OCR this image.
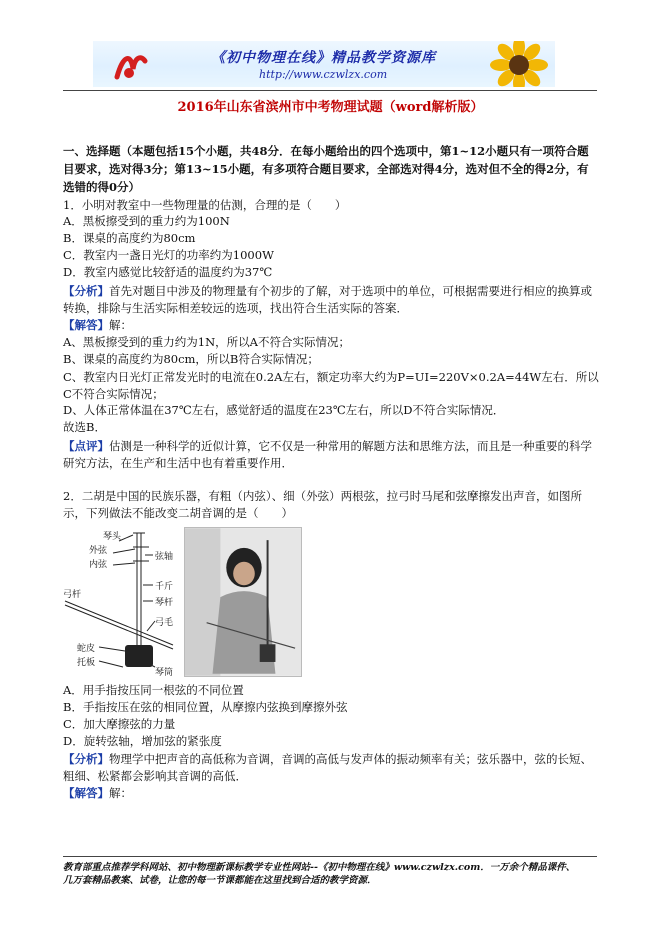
《初中物理在线》精品教学资源库
http://www.czwlzx.com
2016年山东省滨州市中考物理试题（word解析版）

一、选择题（本题包括15个小题，共48分．在每小题给出的四个选项中，第1~12小题只有一项符合题目要求，选对得3分；第13~15小题，有多项符合题目要求，全部选对得4分，选对但不全的得2分，有选错的得0分）

1．小明对教室中一些物理量的估测，合理的是（　　）

A．黑板擦受到的重力约为100N

B．课桌的高度约为80cm

C．教室内一盏日光灯的功率约为1000W

D．教室内感觉比较舒适的温度约为37℃

【分析】首先对题目中涉及的物理量有个初步的了解，对于选项中的单位，可根据需要进行相应的换算或转换，排除与生活实际相差较远的选项，找出符合生活实际的答案．

【解答】解：

A、黑板擦受到的重力约为1N，所以A不符合实际情况；

B、课桌的高度约为80cm，所以B符合实际情况；

C、教室内日光灯正常发光时的电流在0.2A左右，额定功率大约为P=UI=220V×0.2A=44W左右．所以C不符合实际情况；

D、人体正常体温在37℃左右，感觉舒适的温度在23℃左右，所以D不符合实际情况．

故选B．

【点评】估测是一种科学的近似计算，它不仅是一种常用的解题方法和思维方法，而且是一种重要的科学研究方法，在生产和生活中也有着重要作用．

2．二胡是中国的民族乐器，有粗（内弦）、细（外弦）两根弦，拉弓时马尾和弦摩擦发出声音，如图所示，下列做法不能改变二胡音调的是（　　）

琴头
外弦
内弦
弦轴
弓杆
千斤
琴杆
弓毛
蛇皮
托板
琴筒

A．用手指按压同一根弦的不同位置

B．手指按压在弦的相同位置，从摩擦内弦换到摩擦外弦

C．加大摩擦弦的力量

D．旋转弦轴，增加弦的紧张度

【分析】物理学中把声音的高低称为音调，音调的高低与发声体的振动频率有关；弦乐器中，弦的长短、粗细、松紧都会影响其音调的高低．

【解答】解：

教育部重点推荐学科网站、初中物理新课标教学专业性网站--《初中物理在线》www.czwlzx.com．一万余个精品课件、
几万套精品教案、试卷，让您的每一节课都能在这里找到合适的教学资源．
